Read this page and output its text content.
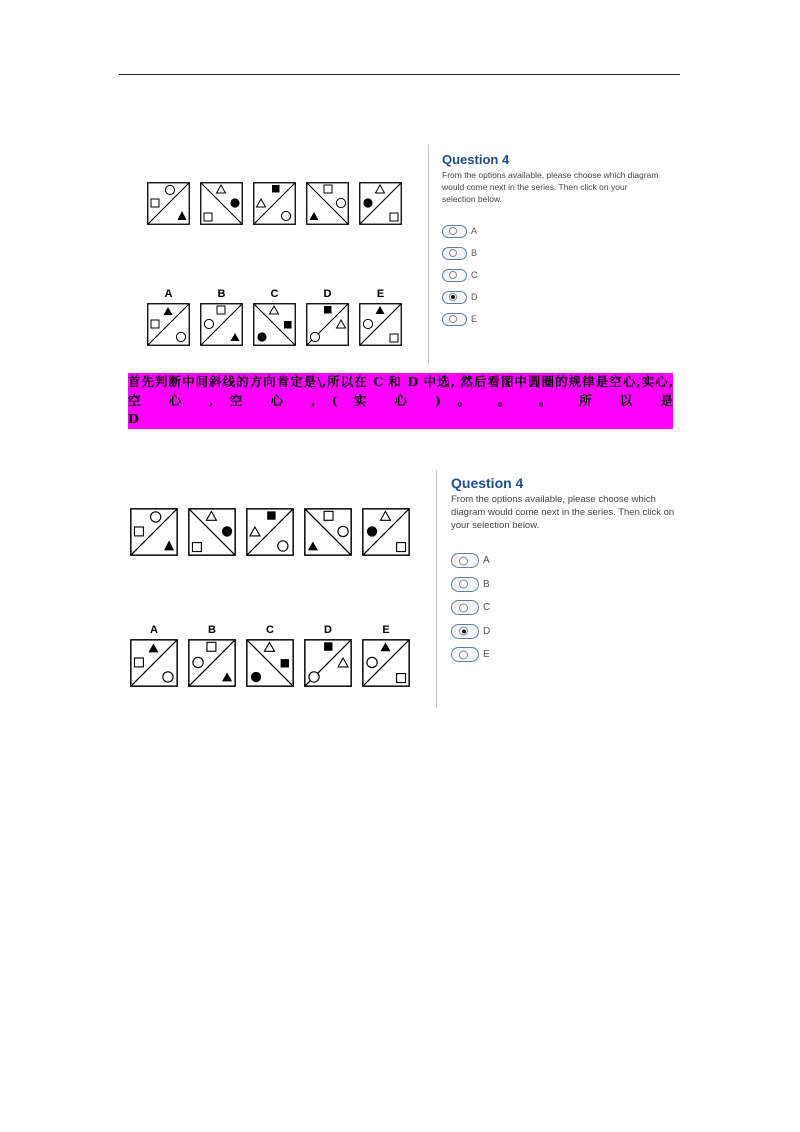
A	B	C	D	E
Question 4
From the options available, please choose which diagram would come next in the series. Then click on your selection below.
A
B
C
D
E
首先判断中间斜线的方向肯定是\,所以在 C 和 D 中选, 然后看图中圆圈的规律是空心,实心,
空 心 , 空 心 , ( 实 心 ) 。 。 。 所 以 是
D
A	B	C	D	E
Question 4
From the options available, please choose which diagram would come next in the series. Then click on your selection below.
A
B
C
D
E
